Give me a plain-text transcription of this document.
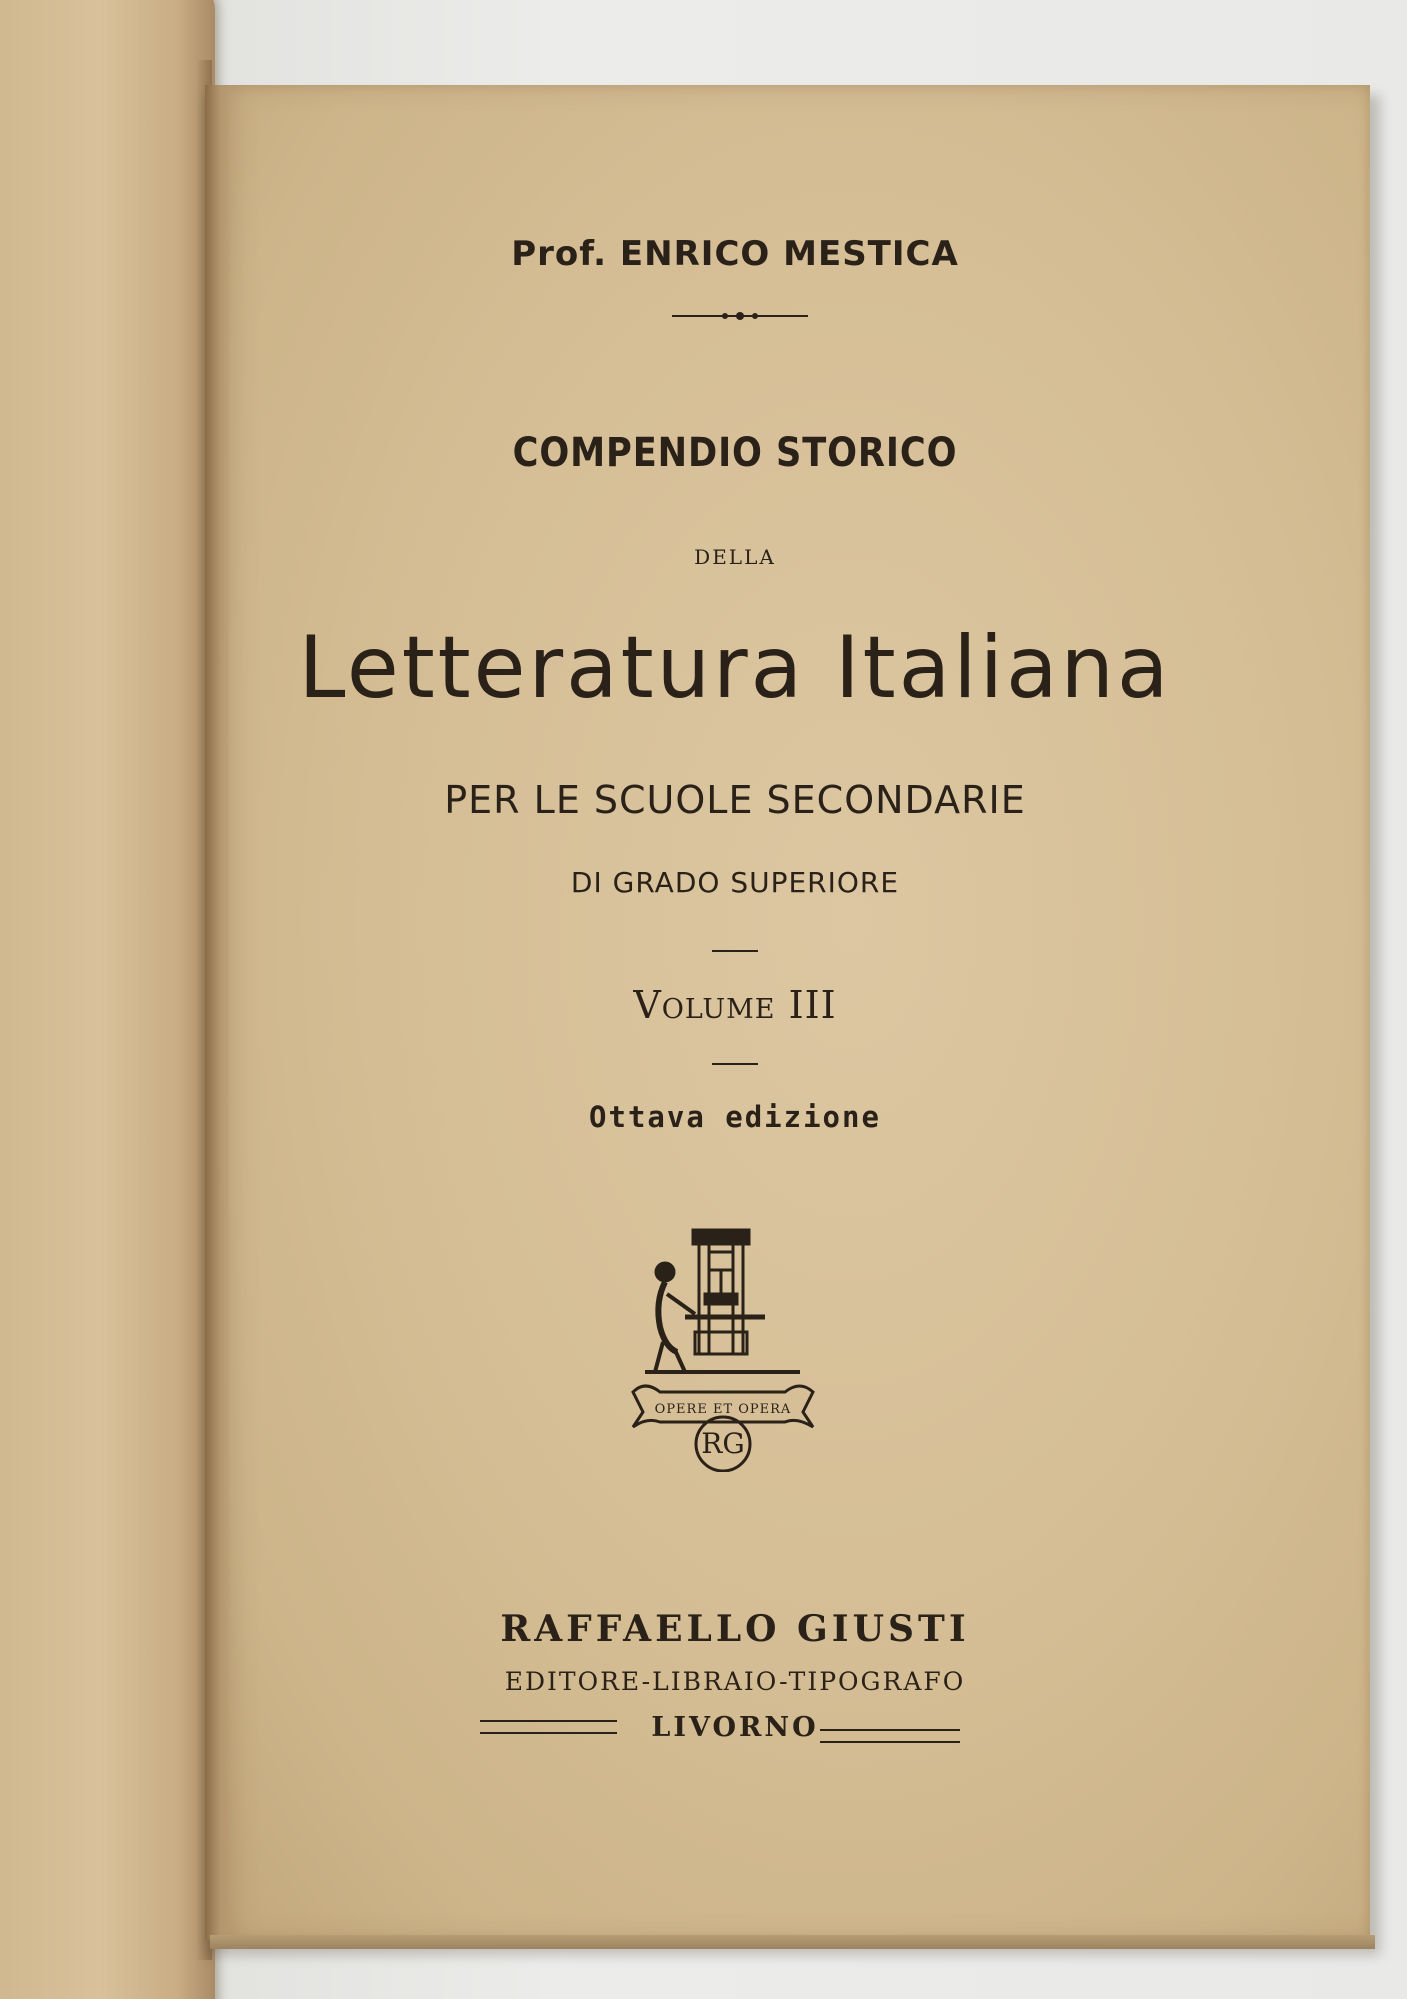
Prof. ENRICO MESTICA

COMPENDIO STORICO

DELLA

Letteratura Italiana

PER LE SCUOLE SECONDARIE

DI GRADO SUPERIORE

Volume III

Ottava edizione

OPERE ET OPERA
RG

RAFFAELLO GIUSTI

EDITORE-LIBRAIO-TIPOGRAFO

LIVORNO
